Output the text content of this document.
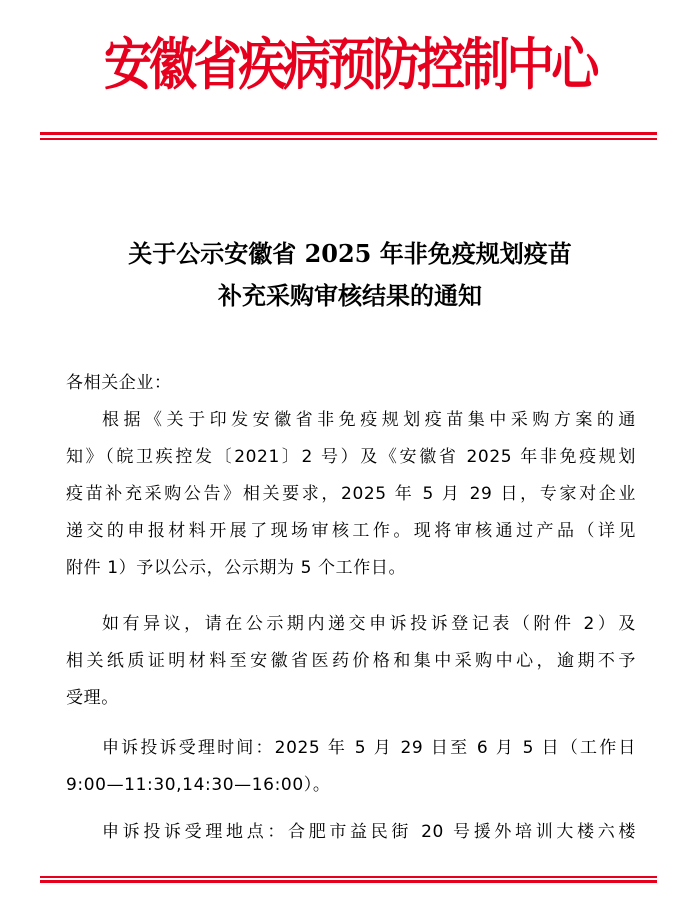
安徽省疾病预防控制中心
关于公示安徽省 2025 年非免疫规划疫苗
补充采购审核结果的通知
各相关企业：
根据《关于印发安徽省非免疫规划疫苗集中采购方案的通
知》（皖卫疾控发〔2021〕2 号）及《安徽省 2025 年非免疫规划
疫苗补充采购公告》相关要求，2025 年 5 月 29 日，专家对企业
递交的申报材料开展了现场审核工作。现将审核通过产品（详见
附件 1）予以公示，公示期为 5 个工作日。
如有异议，请在公示期内递交申诉投诉登记表（附件 2）及
相关纸质证明材料至安徽省医药价格和集中采购中心，逾期不予
受理。
申诉投诉受理时间：2025 年 5 月 29 日至 6 月 5 日（工作日
9:00—11:30,14:30—16:00）。
申诉投诉受理地点：合肥市益民街 20 号援外培训大楼六楼
